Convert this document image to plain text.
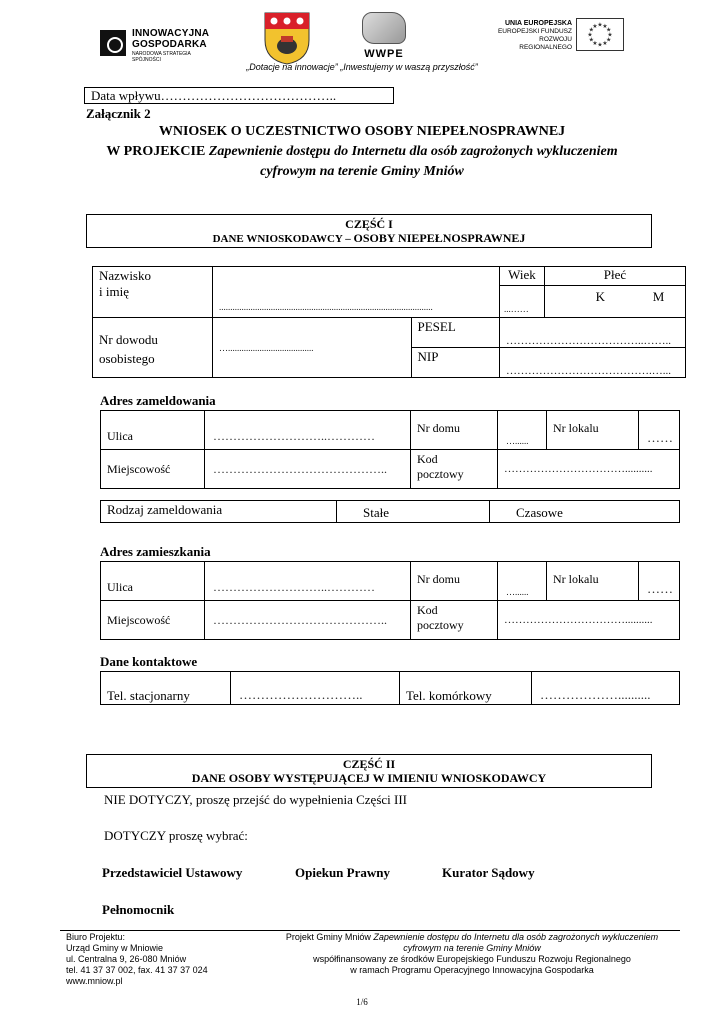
INNOWACYJNA
GOSPODARKA
NARODOWA STRATEGIA SPÓJNOŚCI	WWPE
UNIA EUROPEJSKA
EUROPEJSKI FUNDUSZ
ROZWOJU REGIONALNEGO
★ ★
★
★
★
★
★
★
★
★
★
★
„Dotacje na innowacje” „Inwestujemy w waszą przyszłość”
Data wpływu…………………………………..
Załącznik 2
WNIOSEK O UCZESTNICTWO OSOBY NIEPEŁNOSPRAWNEJ
W PROJEKCIE Zapewnienie dostępu do Internetu dla osób zagrożonych wykluczeniem
cyfrowym na terenie Gminy Mniów
CZĘŚĆ I
DANE WNIOSKODAWCY – OSOBY NIEPEŁNOSPRAWNEJ
Nazwisko
i imię	...............................................................................................		Wiek	Płeć

			...……	K M
Nr dowodu
osobistego	…......................................	PESEL	………………………………..……..	

		NIP	………………………………….…...	
Adres zameldowania
Ulica	………………………..…………	Nr domu	…......	Nr lokalu	……

Miejscowość	……………………………………..	Kod
pocztowy	……………………………..........		
Rodzaj zameldowania	Stałe	Czasowe
Adres zamieszkania
Ulica	………………………..…………	Nr domu	…......	Nr lokalu	……

Miejscowość	……………………………………..	Kod
pocztowy	……………………………..........		
Dane kontaktowe
Tel. stacjonarny	………………………..	Tel. komórkowy	………………..........
CZĘŚĆ II
DANE OSOBY WYSTĘPUJĄCEJ W IMIENIU WNIOSKODAWCY
NIE DOTYCZY, proszę przejść do wypełnienia Części III
DOTYCZY proszę wybrać:
Przedstawiciel Ustawowy	Opiekun Prawny	Kurator Sądowy
Pełnomocnik
Biuro Projektu:
Urząd Gminy w Mniowie
ul. Centralna 9, 26-080 Mniów
tel. 41 37 37 002, fax. 41 37 37 024
www.mniow.pl
Projekt Gminy Mniów Zapewnienie dostępu do Internetu dla osób zagrożonych wykluczeniem
cyfrowym na terenie Gminy Mniów
współfinansowany ze środków Europejskiego Funduszu Rozwoju Regionalnego
w ramach Programu Operacyjnego Innowacyjna Gospodarka
1/6
